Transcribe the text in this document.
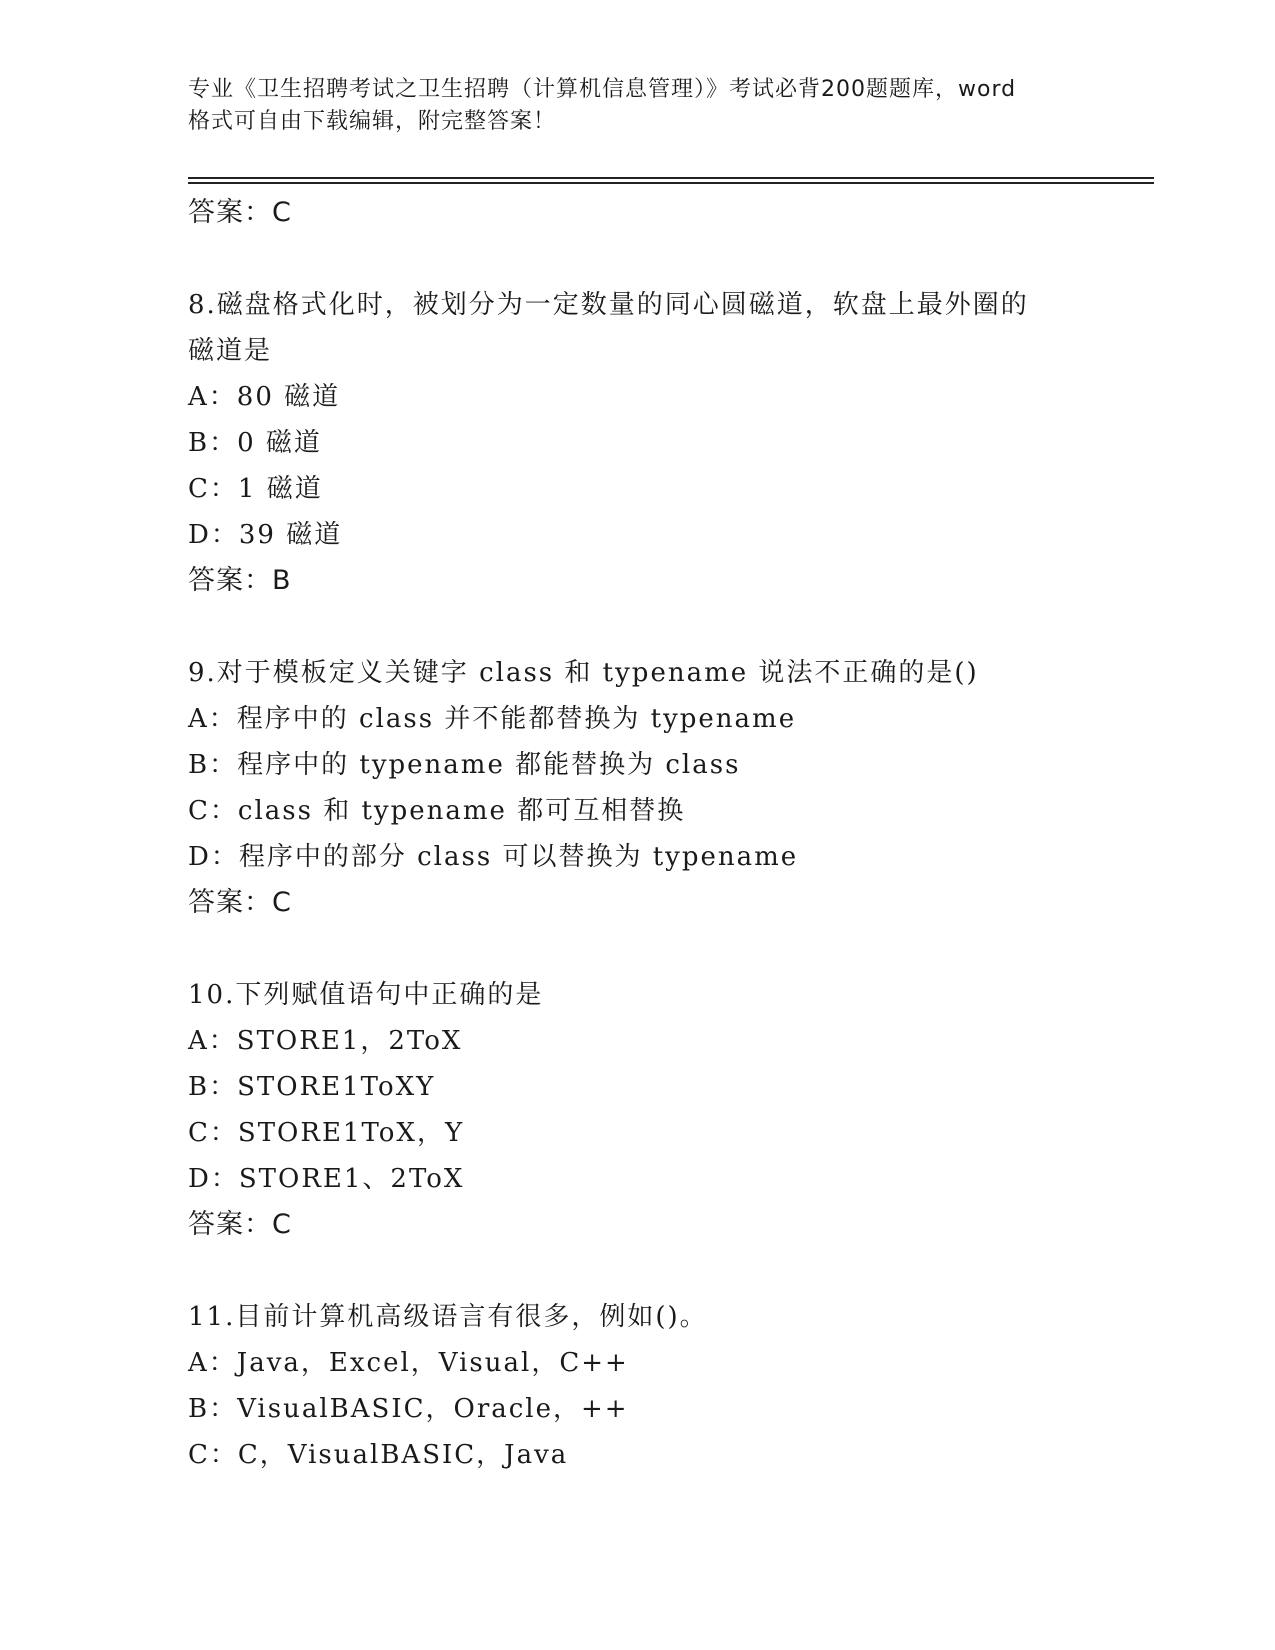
专业《卫生招聘考试之卫生招聘（计算机信息管理）》考试必背200题题库，word
格式可自由下载编辑，附完整答案！
答案：C
8.磁盘格式化时，被划分为一定数量的同心圆磁道，软盘上最外圈的
磁道是
A：80 磁道
B：0 磁道
C：1 磁道
D：39 磁道
答案：B
9.对于模板定义关键字 class 和 typename 说法不正确的是()
A：程序中的 class 并不能都替换为 typename
B：程序中的 typename 都能替换为 class
C：class 和 typename 都可互相替换
D：程序中的部分 class 可以替换为 typename
答案：C
10.下列赋值语句中正确的是
A：STORE1，2ToX
B：STORE1ToXY
C：STORE1ToX，Y
D：STORE1、2ToX
答案：C
11.目前计算机高级语言有很多，例如()。
A：Java，Excel，Visual，C++
B：VisualBASIC，Oracle，++
C：C，VisualBASIC，Java
